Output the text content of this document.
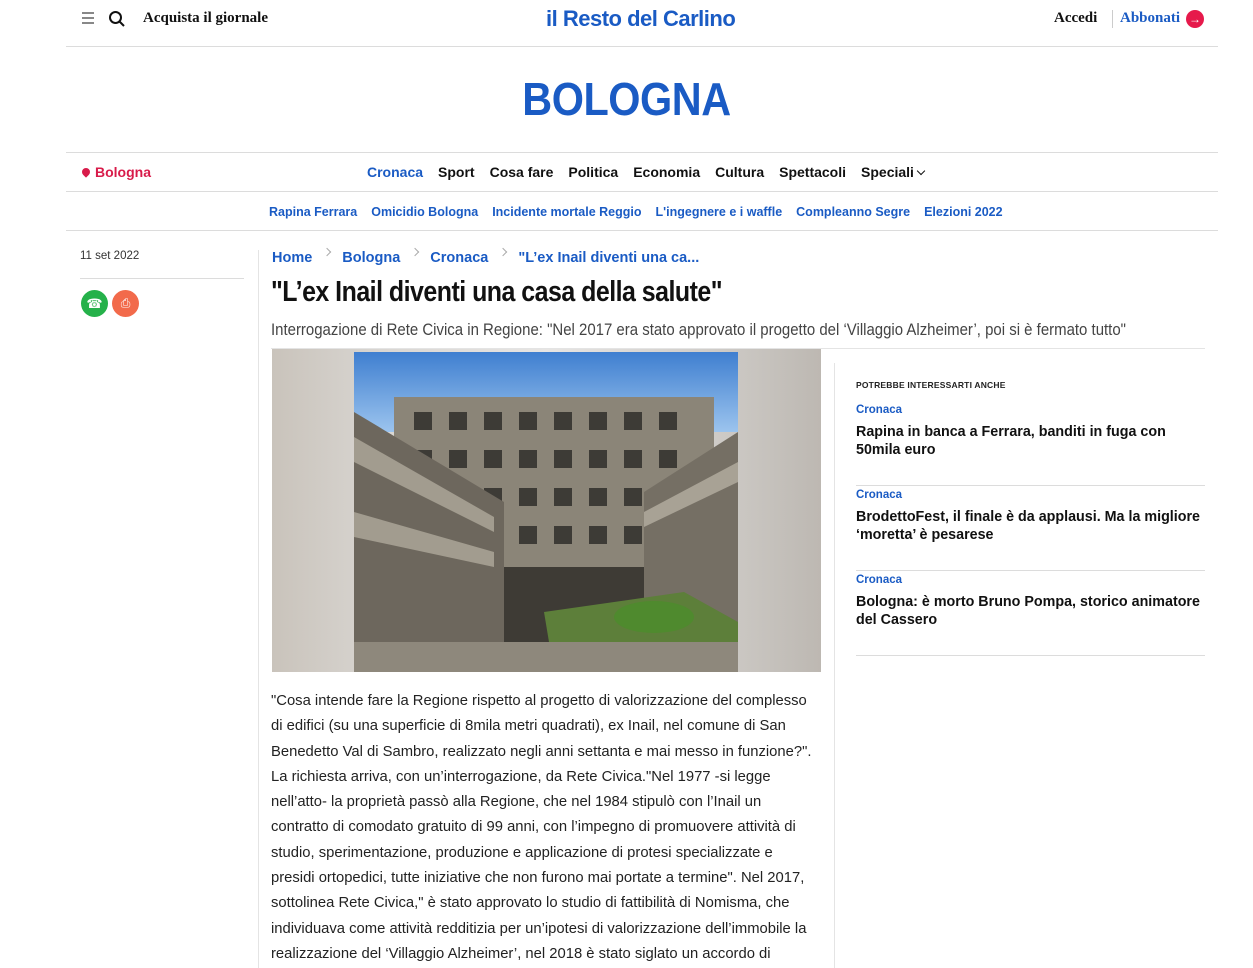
Acquista il giornale	il Resto del Carlino	Accedi Abbonati →
BOLOGNA
Bologna	Cronaca Sport Cosa fare Politica Economia Cultura Spettacoli Speciali
Rapina Ferrara Omicidio Bologna Incidente mortale Reggio L'ingegnere e i waffle Compleanno Segre Elezioni 2022
11 set 2022
☎	⎙
Home Bologna Cronaca "L’ex Inail diventi una ca...
"L’ex Inail diventi una casa della salute"
Interrogazione di Rete Civica in Regione: "Nel 2017 era stato approvato il progetto del ‘Villaggio Alzheimer’, poi si è fermato tutto"

"Cosa intende fare la Regione rispetto al progetto di valorizzazione del complesso di edifici (su una superficie di 8mila metri quadrati), ex Inail, nel comune di San Benedetto Val di Sambro, realizzato negli anni settanta e mai messo in funzione?". La richiesta arriva, con un’interrogazione, da Rete Civica."Nel 1977 -si legge nell’atto- la proprietà passò alla Regione, che nel 1984 stipulò con l’Inail un contratto di comodato gratuito di 99 anni, con l’impegno di promuovere attività di studio, sperimentazione, produzione e applicazione di protesi specializzate e presidi ortopedici, tutte iniziative che non furono mai portate a termine". Nel 2017, sottolinea Rete Civica," è stato approvato lo studio di fattibilità di Nomisma, che individuava come attività redditizia per un’ipotesi di valorizzazione dell’immobile la realizzazione del ‘Villaggio Alzheimer’, nel 2018 è stato siglato un accordo di

POTREBBE INTERESSARTI ANCHE
Cronaca
Rapina in banca a Ferrara, banditi in fuga con 50mila euro
Cronaca
BrodettoFest, il finale è da applausi. Ma la migliore ‘moretta’ è pesarese
Cronaca
Bologna: è morto Bruno Pompa, storico animatore del Cassero
